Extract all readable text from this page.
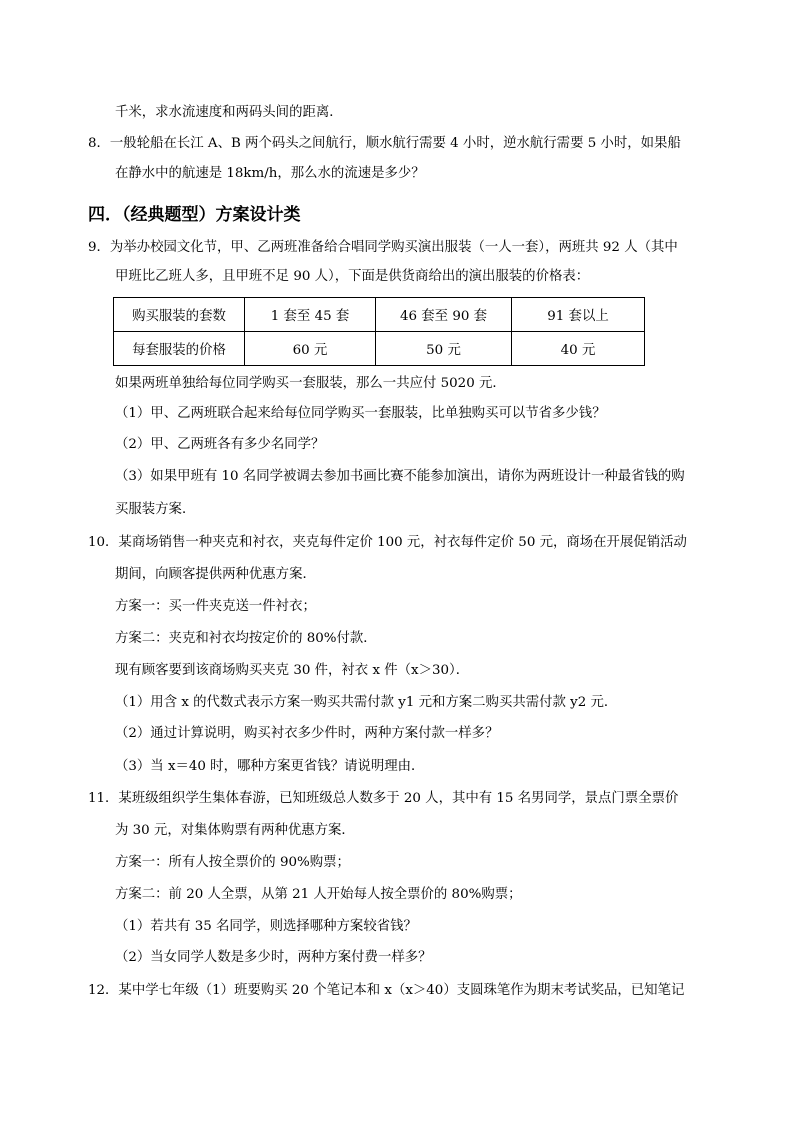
千米，求水流速度和两码头间的距离．
8．一般轮船在长江 A、B 两个码头之间航行，顺水航行需要 4 小时，逆水航行需要 5 小时，如果船
在静水中的航速是 18km/h，那么水的流速是多少？
四．（经典题型）方案设计类
9．为举办校园文化节，甲、乙两班准备给合唱同学购买演出服装（一人一套），两班共 92 人（其中
甲班比乙班人多，且甲班不足 90 人），下面是供货商给出的演出服装的价格表：
购买服装的套数	1 套至 45 套	46 套至 90 套	91 套以上
每套服装的价格	60 元	50 元	40 元
如果两班单独给每位同学购买一套服装，那么一共应付 5020 元．
（1）甲、乙两班联合起来给每位同学购买一套服装，比单独购买可以节省多少钱？
（2）甲、乙两班各有多少名同学？
（3）如果甲班有 10 名同学被调去参加书画比赛不能参加演出，请你为两班设计一种最省钱的购
买服装方案．
10．某商场销售一种夹克和衬衣，夹克每件定价 100 元，衬衣每件定价 50 元，商场在开展促销活动
期间，向顾客提供两种优惠方案．
方案一：买一件夹克送一件衬衣；
方案二：夹克和衬衣均按定价的 80%付款．
现有顾客要到该商场购买夹克 30 件，衬衣 x 件（x＞30）．
（1）用含 x 的代数式表示方案一购买共需付款 y1 元和方案二购买共需付款 y2 元．
（2）通过计算说明，购买衬衣多少件时，两种方案付款一样多？
（3）当 x＝40 时，哪种方案更省钱？请说明理由．
11．某班级组织学生集体春游，已知班级总人数多于 20 人，其中有 15 名男同学，景点门票全票价
为 30 元，对集体购票有两种优惠方案．
方案一：所有人按全票价的 90%购票；
方案二：前 20 人全票，从第 21 人开始每人按全票价的 80%购票；
（1）若共有 35 名同学，则选择哪种方案较省钱？
（2）当女同学人数是多少时，两种方案付费一样多？
12．某中学七年级（1）班要购买 20 个笔记本和 x（x＞40）支圆珠笔作为期末考试奖品，已知笔记
